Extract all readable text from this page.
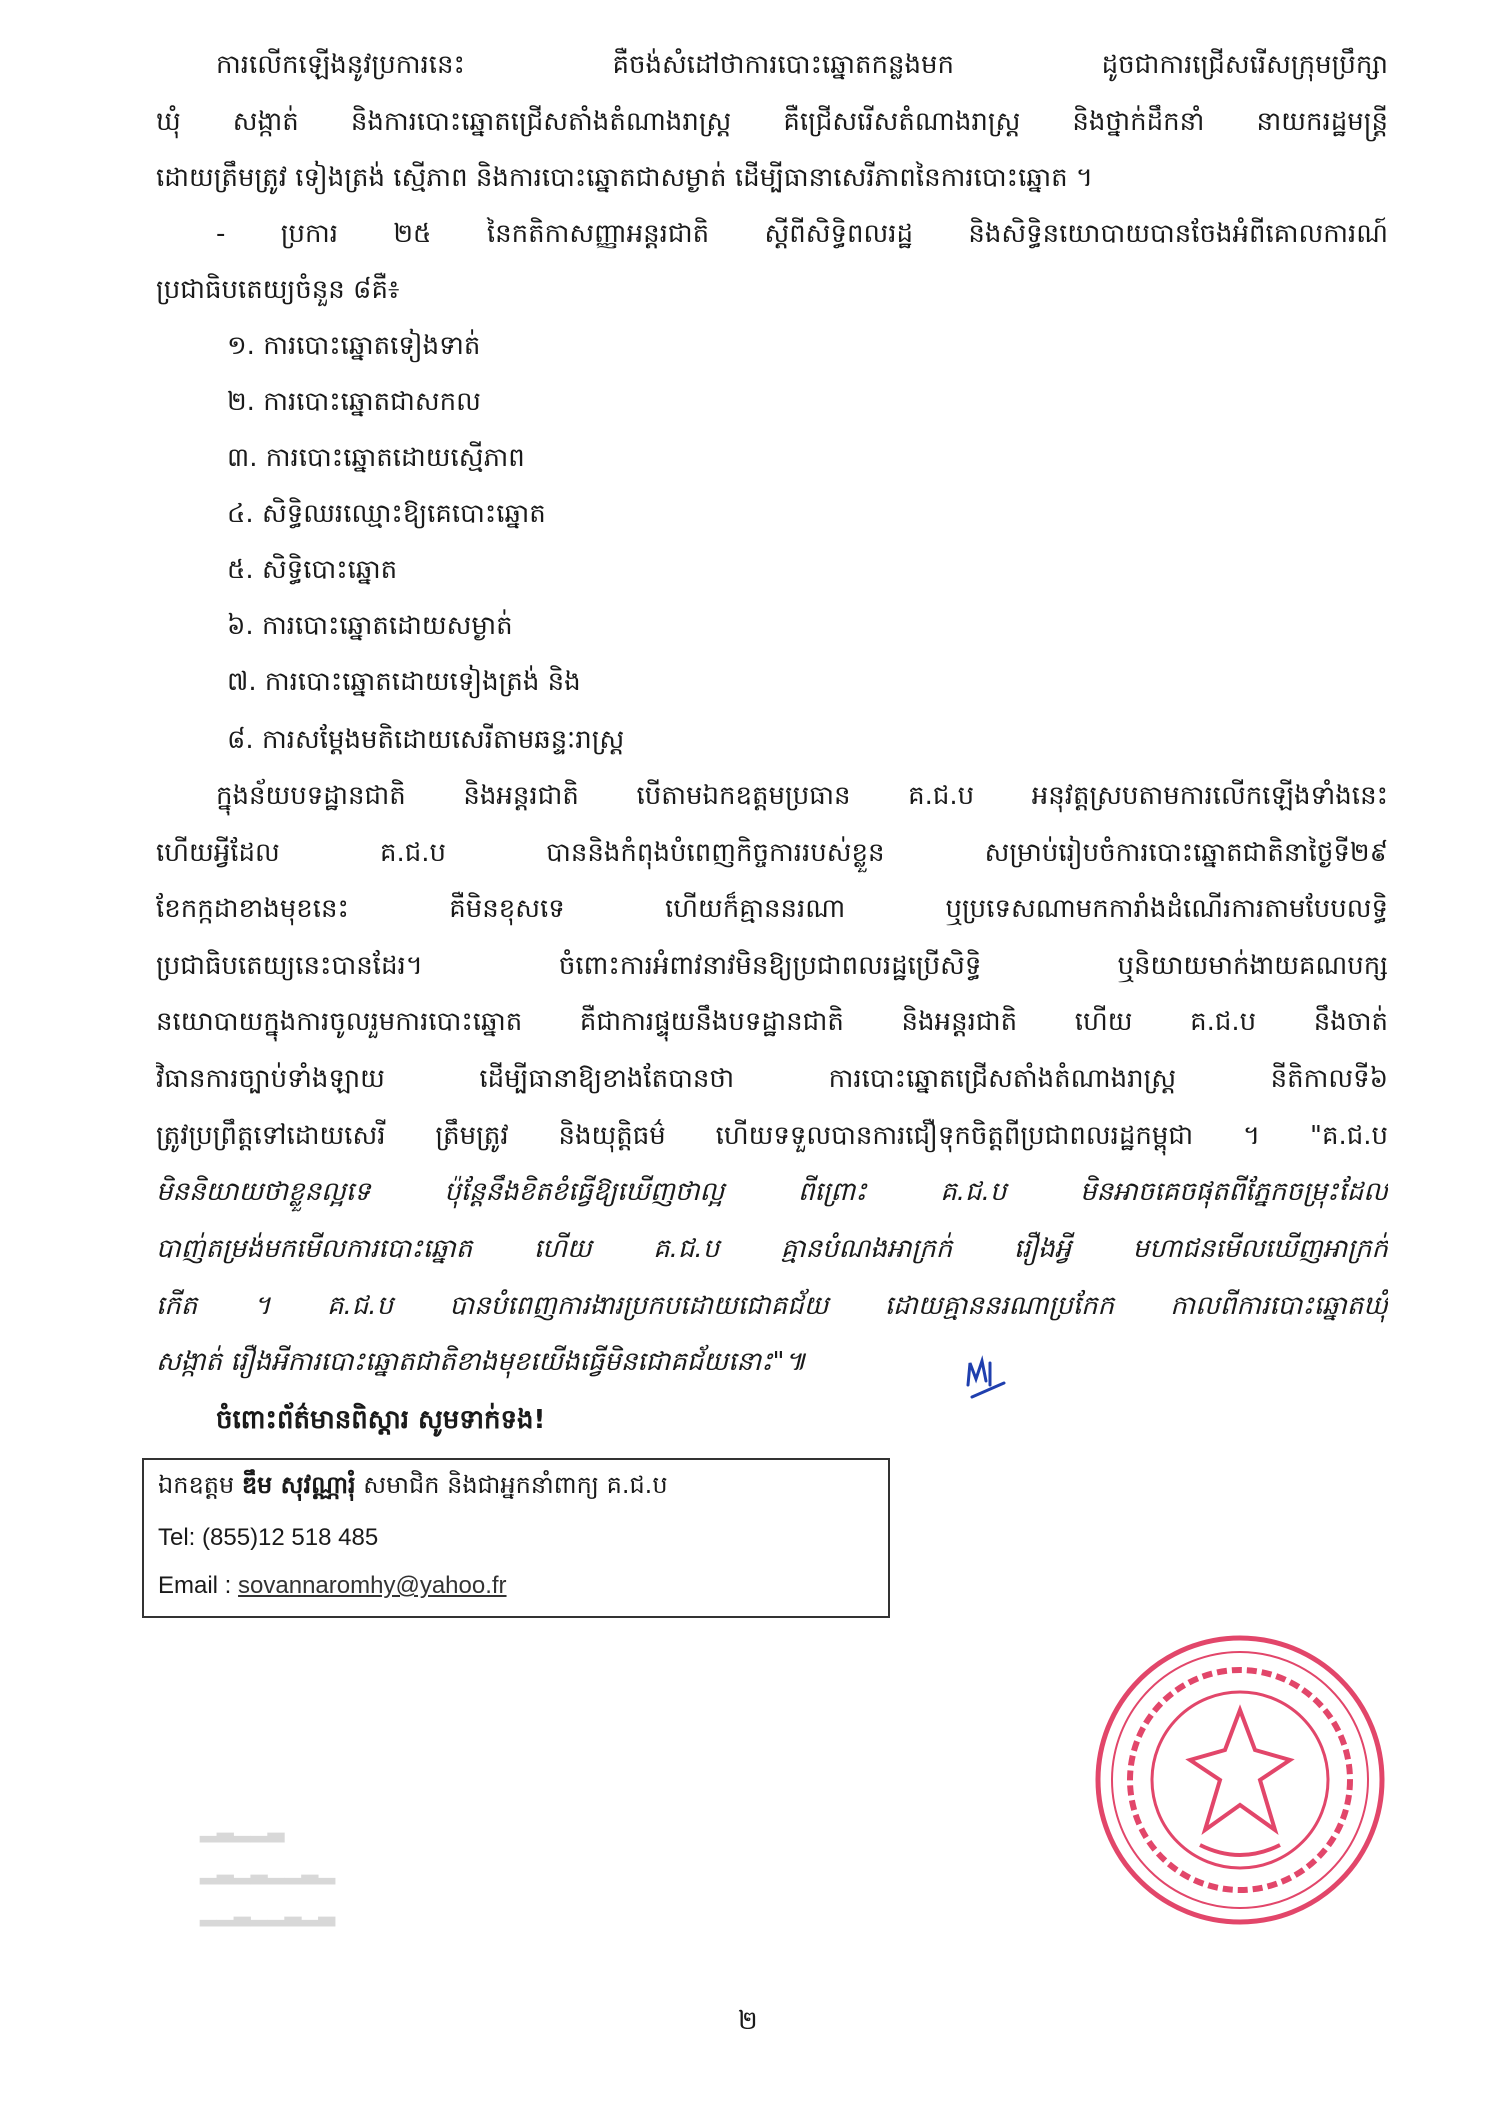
ការលើកឡើងនូវប្រការនេះ គឺចង់សំដៅថាការបោះឆ្នោតកន្លងមក ដូចជាការជ្រើសរើសក្រុមប្រឹក្សា
ឃុំ សង្កាត់ និងការបោះឆ្នោតជ្រើសតាំងតំណាងរាស្ត្រ គឺជ្រើសរើសតំណាងរាស្ត្រ និងថ្នាក់ដឹកនាំ នាយករដ្ឋមន្ត្រី
ដោយត្រឹមត្រូវ ទៀងត្រង់ ស្មើភាព និងការបោះឆ្នោតជាសម្ងាត់ ដើម្បីធានាសេរីភាពនៃការបោះឆ្នោត ។
- ប្រការ ២៥ នៃកតិកាសញ្ញាអន្តរជាតិ ស្តីពីសិទ្ធិពលរដ្ឋ និងសិទ្ធិនយោបាយបានចែងអំពីគោលការណ៍
ប្រជាធិបតេយ្យចំនួន ៨គឺ៖
១. ការបោះឆ្នោតទៀងទាត់
២. ការបោះឆ្នោតជាសកល
៣. ការបោះឆ្នោតដោយស្មើភាព
៤. សិទ្ធិឈរឈ្មោះឱ្យគេបោះឆ្នោត
៥. សិទ្ធិបោះឆ្នោត
៦. ការបោះឆ្នោតដោយសម្ងាត់
៧. ការបោះឆ្នោតដោយទៀងត្រង់ និង
៨. ការសម្តែងមតិដោយសេរីតាមឆន្ទៈរាស្ត្រ
ក្នុងន័យបទដ្ឋានជាតិ និងអន្តរជាតិ បើតាមឯកឧត្តមប្រធាន គ.ជ.ប អនុវត្តស្របតាមការលើកឡើងទាំងនេះ
ហើយអ្វីដែល គ.ជ.ប បាននិងកំពុងបំពេញកិច្ចការរបស់ខ្លួន សម្រាប់រៀបចំការបោះឆ្នោតជាតិនាថ្ងៃទី២៩
ខែកក្កដាខាងមុខនេះ គឺមិនខុសទេ ហើយក៏គ្មាននរណា ឬប្រទេសណាមកការាំងដំណើរការតាមបែបលទ្ធិ
ប្រជាធិបតេយ្យនេះបានដែរ។ ចំពោះការអំពាវនាវមិនឱ្យប្រជាពលរដ្ឋប្រើសិទ្ធិ ឬនិយាយមាក់ងាយគណបក្ស
នយោបាយក្នុងការចូលរួមការបោះឆ្នោត គឺជាការផ្ទុយនឹងបទដ្ឋានជាតិ និងអន្តរជាតិ ហើយ គ.ជ.ប នឹងចាត់
វិធានការច្បាប់ទាំងឡាយ ដើម្បីធានាឱ្យខាងតែបានថា ការបោះឆ្នោតជ្រើសតាំងតំណាងរាស្ត្រ នីតិកាលទី៦
ត្រូវប្រព្រឹត្តទៅដោយសេរី ត្រឹមត្រូវ និងយុត្តិធម៌ ហើយទទួលបានការជឿទុកចិត្តពីប្រជាពលរដ្ឋកម្ពុជា ។ "គ.ជ.ប
មិននិយាយថាខ្លួនល្អទេ ប៉ុន្តែនឹងខិតខំធ្វើឱ្យឃើញថាល្អ ពីព្រោះ គ.ជ.ប មិនអាចគេចផុតពីភ្នែកចម្រុះដែល
បាញ់តម្រង់មកមើលការបោះឆ្នោត ហើយ គ.ជ.ប គ្មានបំណងអាក្រក់ រឿងអ្វី មហាជនមើលឃើញអាក្រក់
កើត ។ គ.ជ.ប បានបំពេញការងារប្រកបដោយជោគជ័យ ដោយគ្មាននរណាប្រកែក កាលពីការបោះឆ្នោតឃុំ
សង្កាត់ រឿងអីការបោះឆ្នោតជាតិខាងមុខយើងធ្វើមិនជោគជ័យនោះ"៕
ចំពោះព័ត៌មានពិស្តារ សូមទាក់ទង!
ឯកឧត្តម ឌឹម សុវណ្ណារុំ សមាជិក និងជាអ្នកនាំពាក្យ គ.ជ.ប
Tel: (855)12 518 485
Email : sovannaromhy@yahoo.fr
▂▃▂▂▃
▂▃▂▃▂▂▃▂
▂▂▃▂▂▃▂▃
២
